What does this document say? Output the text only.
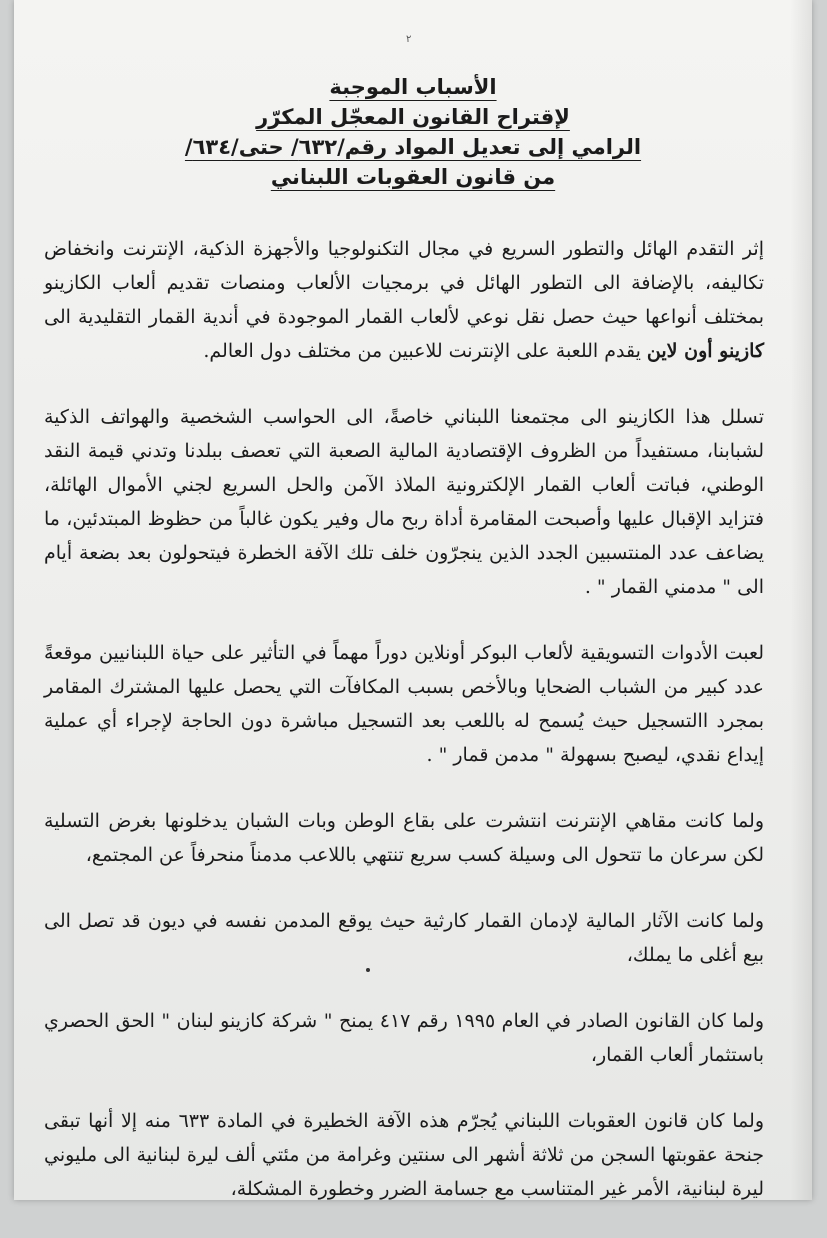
٢

الأسباب الموجبة

لإقتراح القانون المعجّل المكرّر

الرامي إلى تعديل المواد رقم/٦٣٢/ حتى/٦٣٤/

من قانون العقوبات اللبناني

إثر التقدم الهائل والتطور السريع في مجال التكنولوجيا والأجهزة الذكية، الإنترنت وانخفاض تكاليفه، بالإضافة الى التطور الهائل في برمجيات الألعاب ومنصات تقديم ألعاب الكازينو بمختلف أنواعها حيث حصل نقل نوعي لألعاب القمار الموجودة في أندية القمار التقليدية الى كازينو أون لاين يقدم اللعبة على الإنترنت للاعبين من مختلف دول العالم.

تسلل هذا الكازينو الى مجتمعنا اللبناني خاصةً، الى الحواسب الشخصية والهواتف الذكية لشبابنا، مستفيداً من الظروف الإقتصادية المالية الصعبة التي تعصف ببلدنا وتدني قيمة النقد الوطني، فباتت ألعاب القمار الإلكترونية الملاذ الآمن والحل السريع لجني الأموال الهائلة، فتزايد الإقبال عليها وأصبحت المقامرة أداة ربح مال وفير يكون غالباً من حظوظ المبتدئين، ما يضاعف عدد المنتسبين الجدد الذين ينجرّون خلف تلك الآفة الخطرة فيتحولون بعد بضعة أيام الى " مدمني القمار " .

لعبت الأدوات التسويقية لألعاب البوكر أونلاين دوراً مهماً في التأثير على حياة اللبنانيين موقعةً عدد كبير من الشباب الضحايا وبالأخص بسبب المكافآت التي يحصل عليها المشترك المقامر بمجرد االتسجيل حيث يُسمح له باللعب بعد التسجيل مباشرة دون الحاجة لإجراء أي عملية إيداع نقدي، ليصبح بسهولة " مدمن قمار " .

ولما كانت مقاهي الإنترنت انتشرت على بقاع الوطن وبات الشبان يدخلونها بغرض التسلية لكن سرعان ما تتحول الى وسيلة كسب سريع تنتهي باللاعب مدمناً منحرفاً عن المجتمع،

ولما كانت الآثار المالية لإدمان القمار كارثية حيث يوقع المدمن نفسه في ديون قد تصل الى بيع أغلى ما يملك،

ولما كان القانون الصادر في العام ١٩٩٥ رقم ٤١٧ يمنح " شركة كازينو لبنان " الحق الحصري باستثمار ألعاب القمار،

ولما كان قانون العقوبات اللبناني يُجرّم هذه الآفة الخطيرة في المادة ٦٣٣ منه إلا أنها تبقى جنحة عقوبتها السجن من ثلاثة أشهر الى سنتين وغرامة من مئتي ألف ليرة لبنانية الى مليوني ليرة لبنانية، الأمر غير المتناسب مع جسامة الضرر وخطورة المشكلة،
